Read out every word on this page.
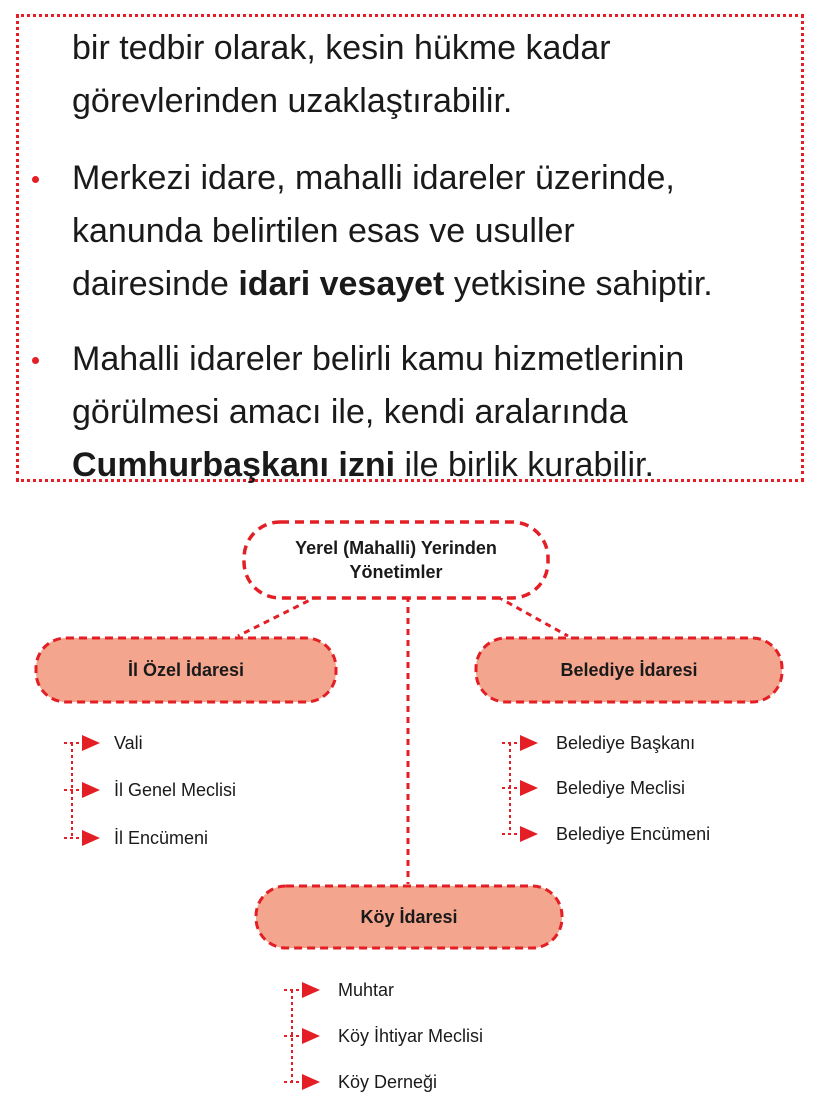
bir tedbir olarak, kesin hükme kadar
görevlerinden uzaklaştırabilir.
Merkezi idare, mahalli idareler üzerinde,
kanunda belirtilen esas ve usuller
dairesinde idari vesayet yetkisine sahiptir.
Mahalli idareler belirli kamu hizmetlerinin
görülmesi amacı ile, kendi aralarında
Cumhurbaşkanı izni ile birlik kurabilir.
Yerel (Mahalli) Yerinden
Yönetimler
İl Özel İdaresi	Belediye İdaresi
Köy İdaresi
Vali
İl Genel Meclisi
İl Encümeni
Belediye Başkanı
Belediye Meclisi
Belediye Encümeni
Muhtar
Köy İhtiyar Meclisi
Köy Derneği
